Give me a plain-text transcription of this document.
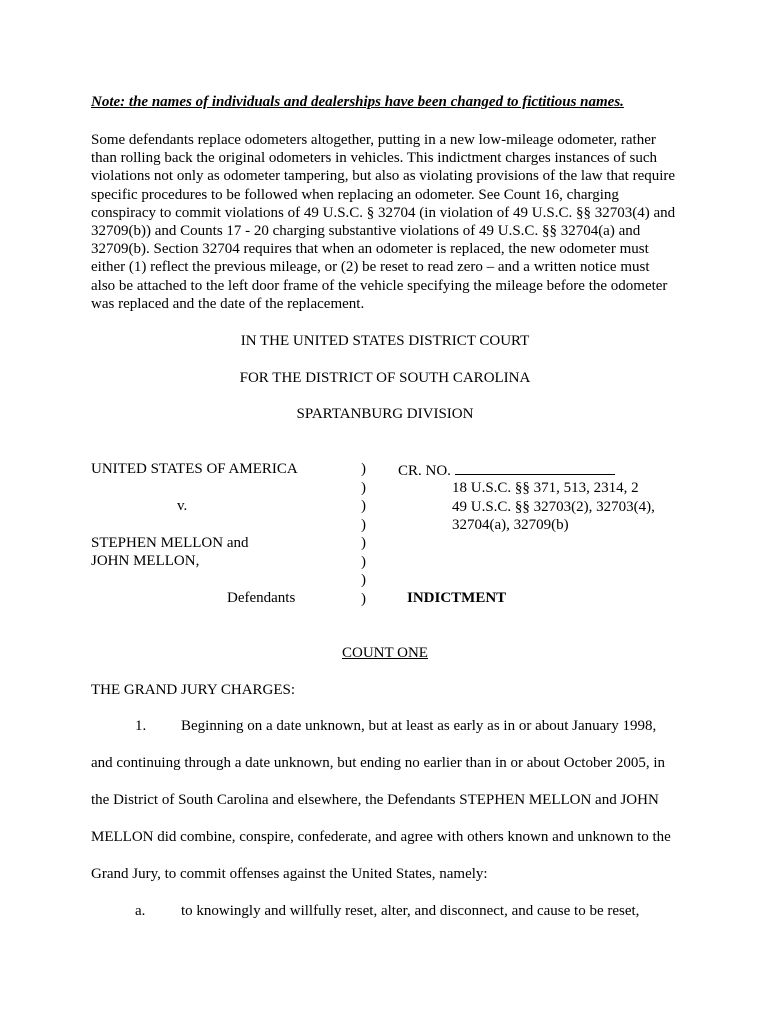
Note: the names of individuals and dealerships have been changed to fictitious names.
Some defendants replace odometers altogether, putting in a new low-mileage odometer, rather
than rolling back the original odometers in vehicles. This indictment charges instances of such
violations not only as odometer tampering, but also as violating provisions of the law that require
specific procedures to be followed when replacing an odometer. See Count 16, charging
conspiracy to commit violations of 49 U.S.C. § 32704 (in violation of 49 U.S.C. §§ 32703(4) and
32709(b)) and Counts 17 - 20 charging substantive violations of 49 U.S.C. §§ 32704(a) and
32709(b). Section 32704 requires that when an odometer is replaced, the new odometer must
either (1) reflect the previous mileage, or (2) be reset to read zero – and a written notice must
also be attached to the left door frame of the vehicle specifying the mileage before the odometer
was replaced and the date of the replacement.
IN THE UNITED STATES DISTRICT COURT
FOR THE DISTRICT OF SOUTH CAROLINA
SPARTANBURG DIVISION
UNITED STATES OF AMERICA
v.
STEPHEN MELLON and
JOHN MELLON,
Defendants
)
)
)
)
)
)
)
)
CR. NO.
18 U.S.C. §§ 371, 513, 2314, 2
49 U.S.C. §§ 32703(2), 32703(4),
32704(a), 32709(b)
INDICTMENT
COUNT ONE
THE GRAND JURY CHARGES:
1. Beginning on a date unknown, but at least as early as in or about January 1998,
and continuing through a date unknown, but ending no earlier than in or about October 2005, in
the District of South Carolina and elsewhere, the Defendants STEPHEN MELLON and JOHN
MELLON did combine, conspire, confederate, and agree with others known and unknown to the
Grand Jury, to commit offenses against the United States, namely:
a. to knowingly and willfully reset, alter, and disconnect, and cause to be reset,
